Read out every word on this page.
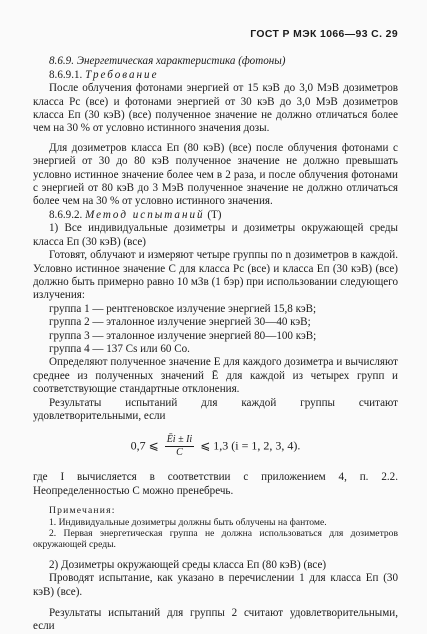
ГОСТ Р МЭК 1066—93 С. 29

8.6.9. Энергетическая характеристика (фотоны)

8.6.9.1. Требование

После облучения фотонами энергией от 15 кэВ до 3,0 МэВ дозиметров класса Pс (все) и фотонами энергией от 30 кэВ до 3,0 МэВ дозиметров класса Eп (30 кэВ) (все) полученное значение не должно отличаться более чем на 30 % от условно истинного значения дозы.

Для дозиметров класса Eп (80 кэВ) (все) после облучения фотонами с энергией от 30 до 80 кэВ полученное значение не должно превышать условно истинное значение более чем в 2 раза, и после облучения фотонами с энергией от 80 кэВ до 3 МэВ полученное значение не должно отличаться более чем на 30 % от условно истинного значения.

8.6.9.2. Метод испытаний (Т)

1) Все индивидуальные дозиметры и дозиметры окружающей среды класса Eп (30 кэВ) (все)

Готовят, облучают и измеряют четыре группы по n дозиметров в каждой. Условно истинное значение C для класса Pс (все) и класса Eп (30 кэВ) (все) должно быть примерно равно 10 мЗв (1 бэр) при использовании следующего излучения:

группа 1 — рентгеновское излучение энергией 15,8 кэВ;

группа 2 — эталонное излучение энергией 30—40 кэВ;

группа 3 — эталонное излучение энергией 80—100 кэВ;

группа 4 — 137 Cs или 60 Co.

Определяют полученное значение E для каждого дозиметра и вычисляют среднее из полученных значений Ē для каждой из четырех групп и соответствующие стандартные отклонения.

Результаты испытаний для каждой группы считают удовлетворительными, если

0,7 ⩽ $\frac{Ēi \pm Ii}{C}$ ⩽ 1,3 (i = 1, 2, 3, 4).

где I вычисляется в соответствии с приложением 4, п. 2.2. Неопределенностью C можно пренебречь.

Примечания:

1. Индивидуальные дозиметры должны быть облучены на фантоме.

2. Первая энергетическая группа не должна использоваться для дозиметров окружающей среды.

2) Дозиметры окружающей среды класса Eп (80 кэВ) (все)

Проводят испытание, как указано в перечислении 1 для класса Eп (30 кэВ) (все).

Результаты испытаний для группы 2 считают удовлетворительными, если
